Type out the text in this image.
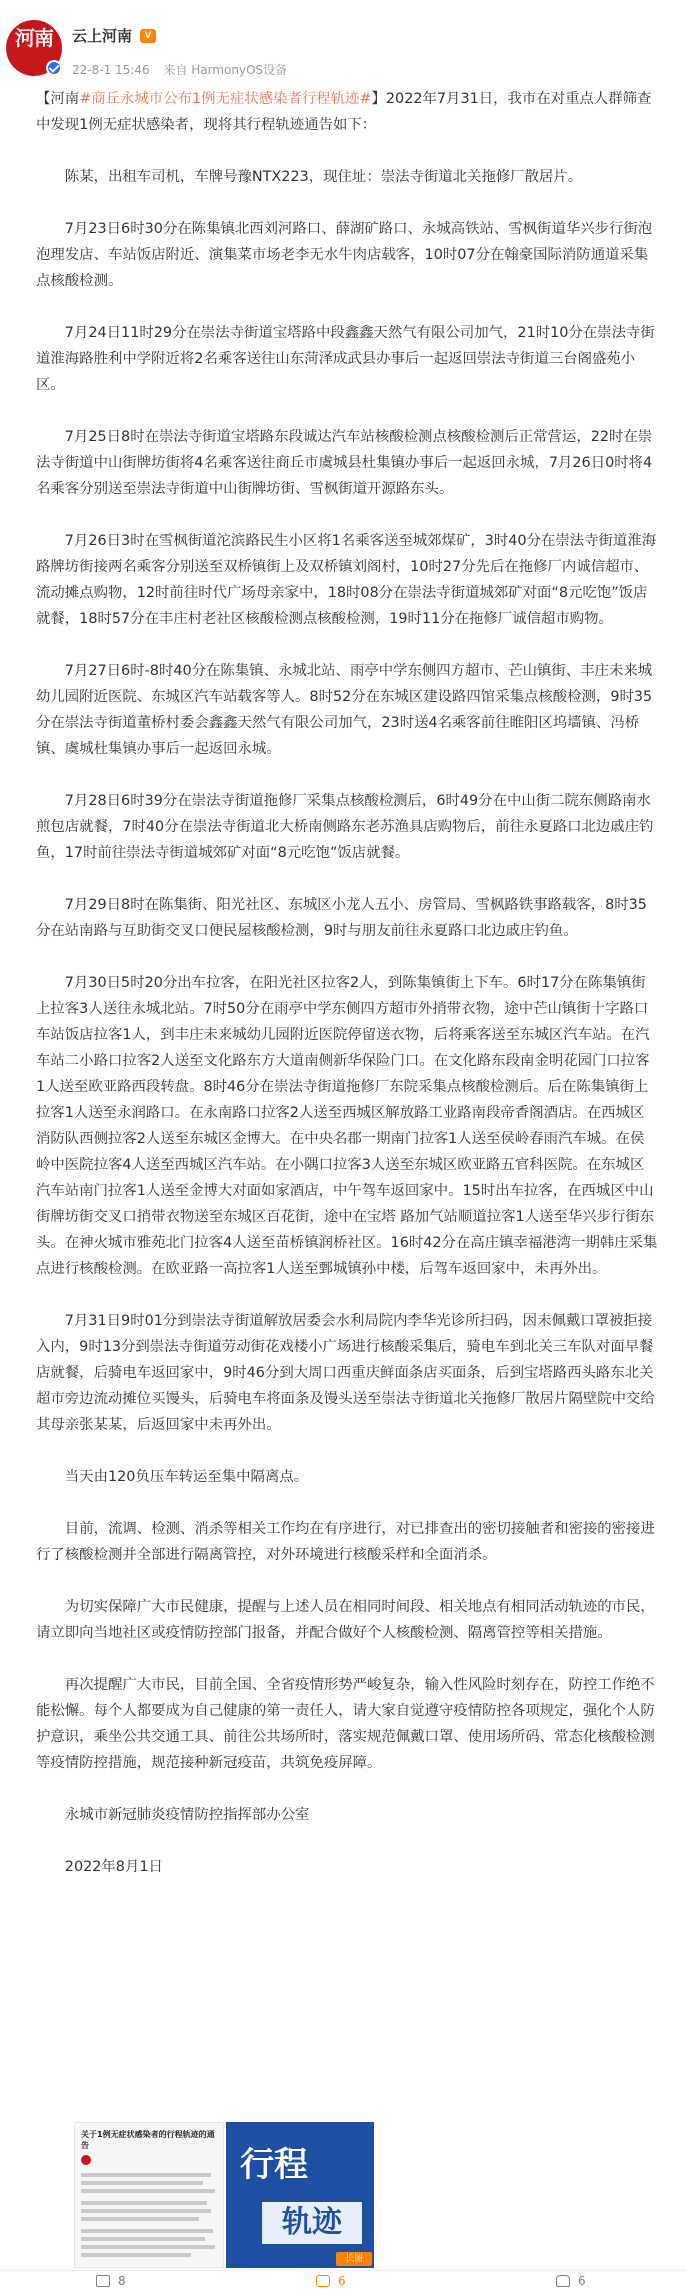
河南	云上河南	V
22-8-1 15:46 来自 HarmonyOS设备

【河南#商丘永城市公布1例无症状感染者行程轨迹#】2022年7月31日，我市在对重点人群筛查中发现1例无症状感染者，现将其行程轨迹通告如下：

陈某，出租车司机，车牌号豫NTX223，现住址：崇法寺街道北关拖修厂散居片。

7月23日6时30分在陈集镇北西刘河路口、薛湖矿路口、永城高铁站、雪枫街道华兴步行街泡泡理发店、车站饭店附近、演集菜市场老李无水牛肉店载客，10时07分在翰豪国际消防通道采集点核酸检测。

7月24日11时29分在崇法寺街道宝塔路中段鑫鑫天然气有限公司加气，21时10分在崇法寺街道淮海路胜利中学附近将2名乘客送往山东菏泽成武县办事后一起返回崇法寺街道三台阁盛苑小区。

7月25日8时在崇法寺街道宝塔路东段诚达汽车站核酸检测点核酸检测后正常营运，22时在崇法寺街道中山街牌坊街将4名乘客送往商丘市虞城县杜集镇办事后一起返回永城，7月26日0时将4名乘客分别送至崇法寺街道中山街牌坊街、雪枫街道开源路东头。

7月26日3时在雪枫街道沱滨路民生小区将1名乘客送至城郊煤矿，3时40分在崇法寺街道淮海路牌坊街接两名乘客分别送至双桥镇街上及双桥镇刘阁村，10时27分先后在拖修厂内诚信超市、流动摊点购物，12时前往时代广场母亲家中，18时08分在崇法寺街道城郊矿对面“8元吃饱”饭店就餐，18时57分在丰庄村老社区核酸检测点核酸检测，19时11分在拖修厂诚信超市购物。

7月27日6时-8时40分在陈集镇、永城北站、雨亭中学东侧四方超市、芒山镇街、丰庄未来城幼儿园附近医院、东城区汽车站载客等人。8时52分在东城区建设路四馆采集点核酸检测，9时35分在崇法寺街道董桥村委会鑫鑫天然气有限公司加气，23时送4名乘客前往睢阳区坞墙镇、冯桥镇、虞城杜集镇办事后一起返回永城。

7月28日6时39分在崇法寺街道拖修厂采集点核酸检测后，6时49分在中山街二院东侧路南水煎包店就餐，7时40分在崇法寺街道北大桥南侧路东老苏渔具店购物后，前往永夏路口北边戚庄钓鱼，17时前往崇法寺街道城郊矿对面“8元吃饱”饭店就餐。

7月29日8时在陈集街、阳光社区、东城区小龙人五小、房管局、雪枫路铁事路载客，8时35分在站南路与互助街交叉口便民屋核酸检测，9时与朋友前往永夏路口北边戚庄钓鱼。

7月30日5时20分出车拉客，在阳光社区拉客2人，到陈集镇街上下车。6时17分在陈集镇街上拉客3人送往永城北站。7时50分在雨亭中学东侧四方超市外捎带衣物，途中芒山镇街十字路口车站饭店拉客1人，到丰庄未来城幼儿园附近医院停留送衣物，后将乘客送至东城区汽车站。在汽车站二小路口拉客2人送至文化路东方大道南侧新华保险门口。在文化路东段南金明花园门口拉客1人送至欧亚路西段转盘。8时46分在崇法寺街道拖修厂东院采集点核酸检测后。后在陈集镇街上拉客1人送至永润路口。在永南路口拉客2人送至西城区解放路工业路南段帝香阁酒店。在西城区消防队西侧拉客2人送至东城区金博大。在中央名郡一期南门拉客1人送至侯岭春雨汽车城。在侯岭中医院拉客4人送至西城区汽车站。在小隅口拉客3人送至东城区欧亚路五官科医院。在东城区汽车站南门拉客1人送至金博大对面如家酒店，中午驾车返回家中。15时出车拉客，在西城区中山街牌坊街交叉口捎带衣物送至东城区百花街，途中在宝塔 路加气站顺道拉客1人送至华兴步行街东头。在神火城市雅苑北门拉客4人送至苗桥镇润桥社区。16时42分在高庄镇幸福港湾一期韩庄采集点进行核酸检测。在欧亚路一高拉客1人送至鄄城镇孙中楼，后驾车返回家中，未再外出。

7月31日9时01分到崇法寺街道解放居委会水利局院内李华光诊所扫码，因未佩戴口罩被拒接入内，9时13分到崇法寺街道劳动街花戏楼小广场进行核酸采集后，骑电车到北关三车队对面早餐店就餐，后骑电车返回家中，9时46分到大周口西重庆鲜面条店买面条，后到宝塔路西头路东北关超市旁边流动摊位买馒头，后骑电车将面条及馒头送至崇法寺街道北关拖修厂散居片隔壁院中交给其母亲张某某，后返回家中未再外出。

当天由120负压车转运至集中隔离点。

目前，流调、检测、消杀等相关工作均在有序进行，对已排查出的密切接触者和密接的密接进行了核酸检测并全部进行隔离管控，对外环境进行核酸采样和全面消杀。

为切实保障广大市民健康，提醒与上述人员在相同时间段、相关地点有相同活动轨迹的市民，请立即向当地社区或疫情防控部门报备，并配合做好个人核酸检测、隔离管控等相关措施。

再次提醒广大市民，目前全国、全省疫情形势严峻复杂，输入性风险时刻存在，防控工作绝不能松懈。每个人都要成为自己健康的第一责任人，请大家自觉遵守疫情防控各项规定，强化个人防护意识，乘坐公共交通工具、前往公共场所时，落实规范佩戴口罩、使用场所码、常态化核酸检测等疫情防控措施，规范接种新冠疫苗，共筑免疫屏障。

永城市新冠肺炎疫情防控指挥部办公室

2022年8月1日

关于1例无症状感染者的行程轨迹的通告	行程
轨迹
长图
8	6	6
